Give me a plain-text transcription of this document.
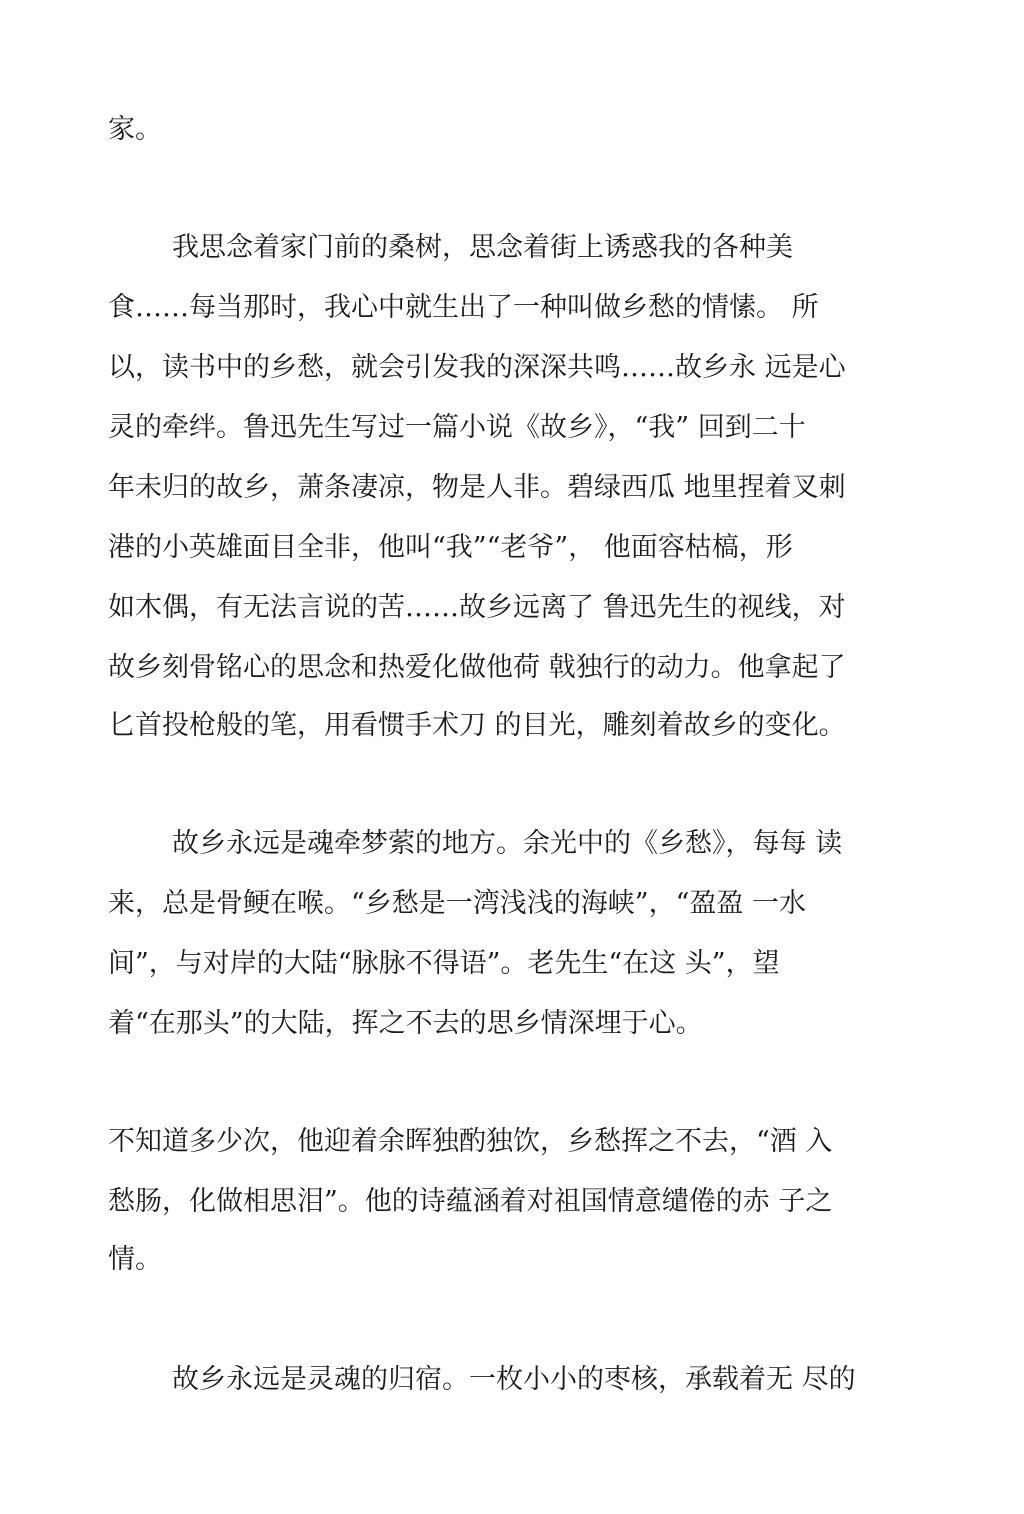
家。
我思念着家门前的桑树，思念着街上诱惑我的各种美
食……每当那时，我心中就生出了一种叫做乡愁的情愫。 所
以，读书中的乡愁，就会引发我的深深共鸣……故乡永 远是心
灵的牵绊。鲁迅先生写过一篇小说《故乡》，“我” 回到二十
年未归的故乡，萧条凄凉，物是人非。碧绿西瓜 地里捏着叉刺
港的小英雄面目全非，他叫“我”“老爷”， 他面容枯槁，形
如木偶，有无法言说的苦……故乡远离了 鲁迅先生的视线，对
故乡刻骨铭心的思念和热爱化做他荷 戟独行的动力。他拿起了
匕首投枪般的笔，用看惯手术刀 的目光，雕刻着故乡的变化。
故乡永远是魂牵梦萦的地方。余光中的《乡愁》，每每 读
来，总是骨鲠在喉。“乡愁是一湾浅浅的海峡”，“盈盈 一水
间”，与对岸的大陆“脉脉不得语”。老先生“在这 头”，望
着“在那头”的大陆，挥之不去的思乡情深埋于心。
不知道多少次，他迎着余晖独酌独饮，乡愁挥之不去，“酒 入
愁肠，化做相思泪”。他的诗蕴涵着对祖国情意缱倦的赤 子之
情。
故乡永远是灵魂的归宿。一枚小小的枣核，承载着无 尽的
